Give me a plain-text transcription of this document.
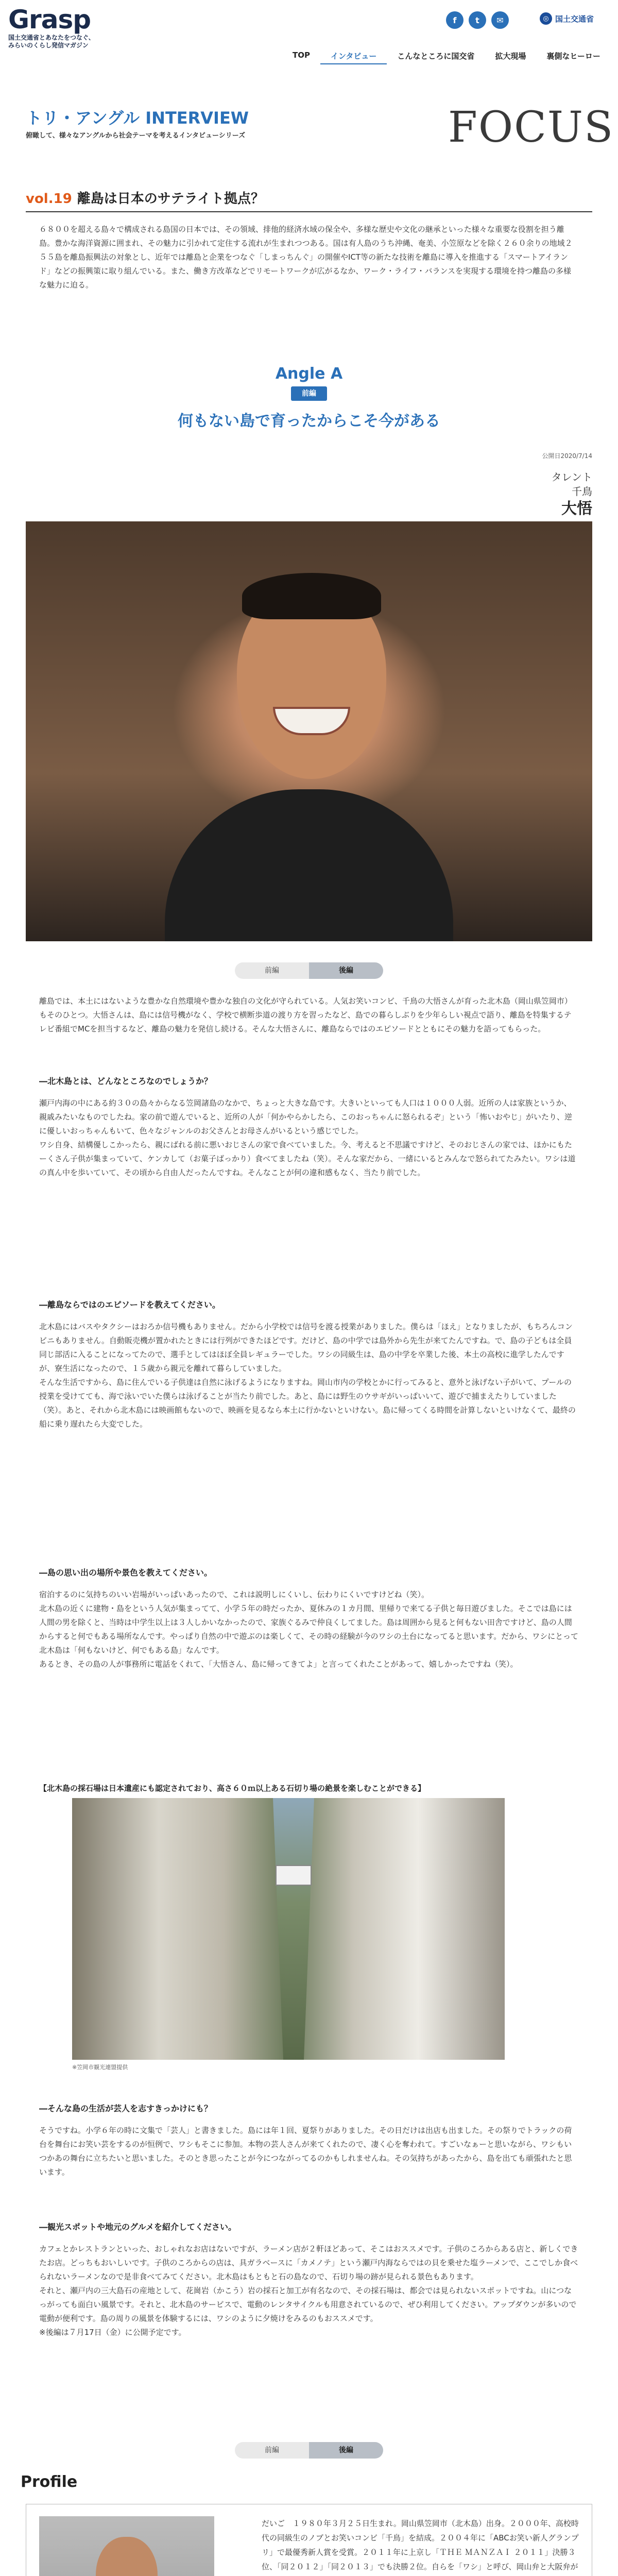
Grasp
国土交通省とあなたをつなぐ、
みらいのくらし発信マガジン
f	t	✉	◎ 国土交通省
TOP	インタビュー	こんなところに国交省	拡⼤現場	裏側なヒーロー
トリ・アングル INTERVIEW
俯瞰して、様々なアングルから社会テーマを考えるインタビューシリーズ	FOCUS
vol.19 離島は日本のサテライト拠点？

６８００を超える島々で構成される島国の日本では、その領域、排他的経済水域の保全や、多様な歴史や文化の継承といった様々な重要な役割を担う離島。豊かな海洋資源に囲まれ、その魅力に引かれて定住する流れが生まれつつある。国は有人島のうち沖縄、奄美、小笠原などを除く２６０余りの地域２５５島を離島振興法の対象とし、近年では離島と企業をつなぐ「しまっちんぐ」の開催やICT等の新たな技術を離島に導入を推進する「スマートアイランド」などの振興策に取り組んでいる。また、働き方改革などでリモートワークが広がるなか、ワーク・ライフ・バランスを実現する環境を持つ離島の多様な魅力に迫る。

Angle A
前編
何もない島で育ったからこそ今がある
公開日2020/7/14
タレント
千鳥
大悟
前編	後編

離島では、本土にはないような豊かな自然環境や豊かな独自の文化が守られている。人気お笑いコンビ、千鳥の大悟さんが育った北木島（岡山県笠岡市）もそのひとつ。大悟さんは、島には信号機がなく、学校で横断歩道の渡り方を習ったなど、島での暮らしぶりを少年らしい視点で語り、離島を特集するテレビ番組でMCを担当するなど、離島の魅力を発信し続ける。そんな大悟さんに、離島ならではのエピソードとともにその魅力を語ってもらった。

―北木島とは、どんなところなのでしょうか？

瀬戸内海の中にある約３０の島々からなる笠岡諸島のなかで、ちょっと大きな島です。大きいといっても人口は１０００人弱。近所の人は家族というか、親戚みたいなものでしたね。家の前で遊んでいると、近所の人が「何かやらかしたら、このおっちゃんに怒られるぞ」という「怖いおやじ」がいたり、逆に優しいおっちゃんもいて、色々なジャンルのお父さんとお母さんがいるという感じでした。
ワシ自身、結構優しこかったら、親にばれる前に悪いおじさんの家で食べていました。今、考えると不思議ですけど、そのおじさんの家では、ほかにもたーくさん子供が集まっていて、ケンカして（お菓子ばっかり）食べてましたね（笑）。そんな家だから、一緒にいるとみんなで怒られてたみたい。ワシは道の真ん中を歩いていて、その頃から自由人だったんですね。そんなことが何の違和感もなく、当たり前でした。

―離島ならではのエピソードを教えてください。

北木島にはバスやタクシーはおろか信号機もありません。だから小学校では信号を渡る授業がありました。僕らは「ほえ」となりましたが、もちろんコンビニもありません。自動販売機が置かれたときには行列ができたほどです。だけど、島の中学では島外から先生が来てたんですね。で、島の子どもは全員同じ部活に入ることになってたので、選手としてはほぼ全員レギュラーでした。ワシの同級生は、島の中学を卒業した後、本土の高校に進学したんですが、寮生活になったので、１５歳から親元を離れて暮らしていました。
そんな生活ですから、島に住んでいる子供達は自然に泳げるようになりますね。岡山市内の学校とかに行ってみると、意外と泳げない子がいて、プールの授業を受けてても、海で泳いでいた僕らは泳げることが当たり前でした。あと、島には野生のウサギがいっぱいいて、遊びで捕まえたりしていました（笑）。あと、それから北木島には映画館もないので、映画を見るなら本土に行かないといけない。島に帰ってくる時間を計算しないといけなくて、最終の船に乗り遅れたら大変でした。

―島の思い出の場所や景色を教えてください。

宿泊するのに気持ちのいい岩場がいっぱいあったので、これは説明しにくいし、伝わりにくいですけどね（笑）。
北木島の近くに建物・島をという人気が集まってて、小学５年の時だったか、夏休みの１カ月間、里帰りで来てる子供と毎日遊びました。そこでは島には人間の男を除くと、当時は中学生以上は３人しかいなかったので、家族ぐるみで仲良くしてました。島は周囲から見ると何もない田舎ですけど、島の人間からすると何でもある場所なんです。やっぱり自然の中で遊ぶのは楽しくて、その時の経験が今のワシの土台になってると思います。だから、ワシにとって北木島は「何もないけど、何でもある島」なんです。
あるとき、その島の人が事務所に電話をくれて、「大悟さん、島に帰ってきてよ」と言ってくれたことがあって、嬉しかったですね（笑）。

【北木島の採石場は日本遺産にも認定されており、高さ６０ｍ以上ある石切り場の絶景を楽しむことができる】
※笠岡市観光連盟提供
―そんな島の生活が芸人を志すきっかけにも？

そうですね。小学６年の時に文集で「芸人」と書きました。島には年１回、夏祭りがありました。その日だけは出店も出ました。その祭りでトラックの荷台を舞台にお笑い芸をするのが恒例で、ワシもそこに参加。本物の芸人さんが来てくれたので、凄く心を奪われて。すごいなぁーと思いながら、ワシもいつかあの舞台に立ちたいと思いました。そのとき思ったことが今につながってるのかもしれませんね。その気持ちがあったから、島を出ても頑張れたと思います。

―観光スポットや地元のグルメを紹介してください。

カフェとかレストランといった、おしゃれなお店はないですが、ラーメン店が２軒ほどあって、そこはおススメです。子供のころからある店と、新しくできたお店。どっちもおいしいです。子供のころからの店は、具ガラベースに「カメノテ」という瀬戸内海ならではの貝を乗せた塩ラーメンで、ここでしか食べられないラーメンなので是非食べてみてください。北木島はもともと石の島なので、石切り場の跡が見られる景色もあります。
それと、瀬戸内の三大島石の産地として、花崗岩（かこう）岩の採石と加工が有名なので、その採石場は、都会では見られないスポットですね。山につなっがっても面白い風景です。それと、北木島のサービスで、電動のレンタサイクルも用意されているので、ぜひ利用してください。アップダウンが多いので電動が便利です。島の周りの風景を体験するには、ワシのように夕焼けをみるのもおススメです。
※後編は７月17日（金）に公開予定です。

前編	後編
Profile

だいご　１９８０年３月２５日生まれ。岡山県笠岡市（北木島）出身。２０００年、高校時代の同級生のノブとお笑いコンビ「千鳥」を結成。２００４年に「ABCお笑い新人グランプリ」で最優秀新人賞を受賞。２０１１年に上京し「ＴＨＥ ＭＡＮＺＡＩ ２０１１」決勝３位、「同２０１２」「同２０１３」でも決勝２位。自らを「ワシ」と呼び、岡山弁と大阪弁が
